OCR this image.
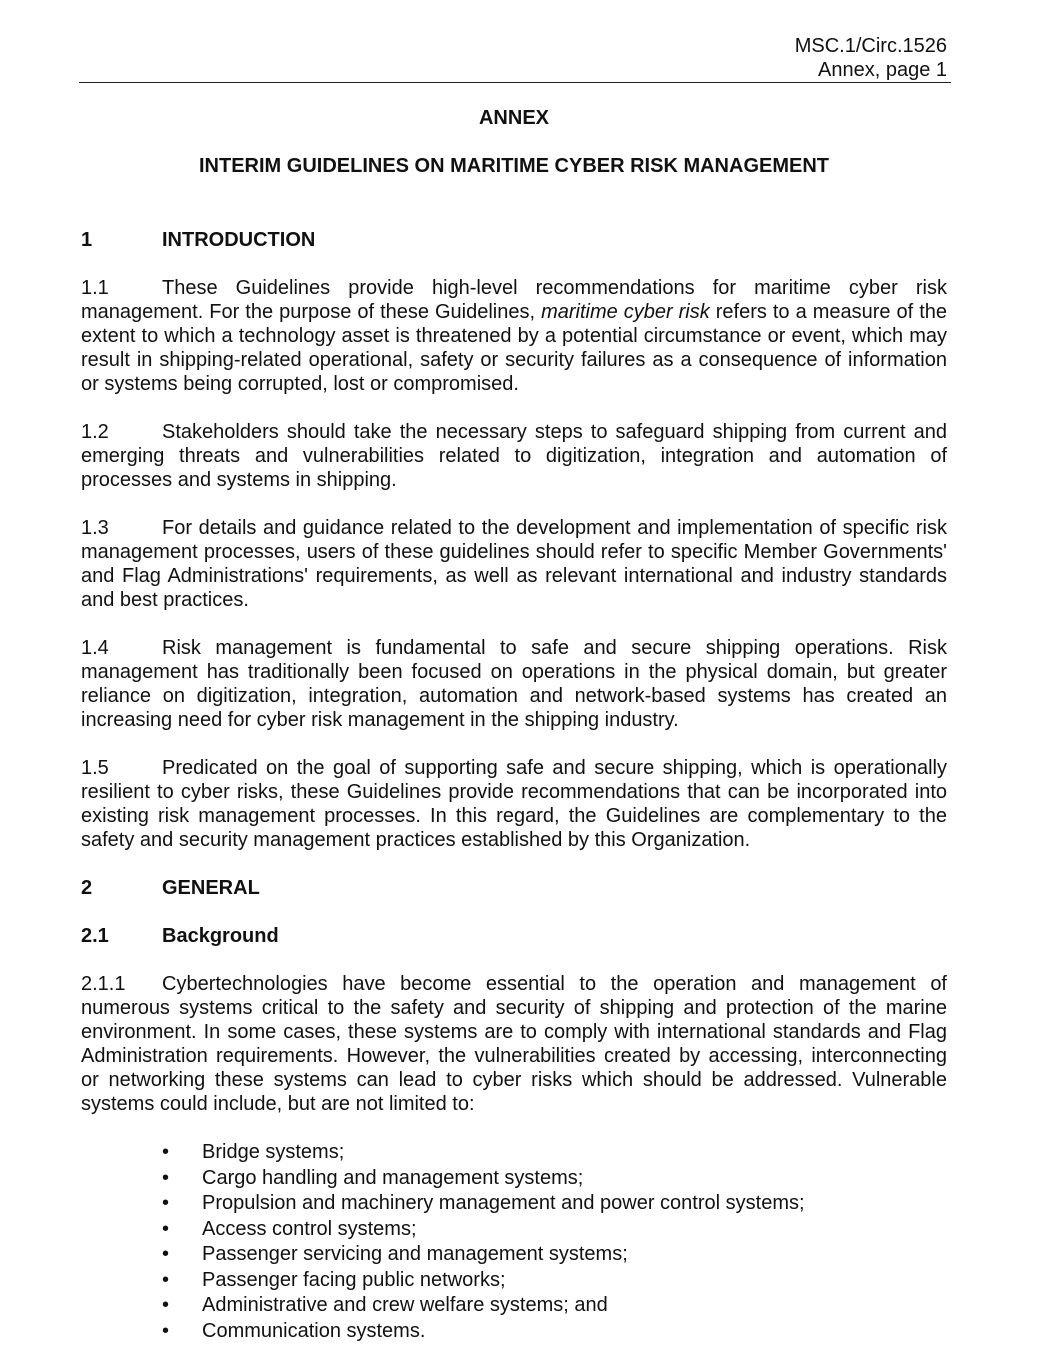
MSC.1/Circ.1526
Annex, page 1

ANNEX

INTERIM GUIDELINES ON MARITIME CYBER RISK MANAGEMENT

1	INTRODUCTION

1.1	These Guidelines provide high-level recommendations for maritime cyber risk management. For the purpose of these Guidelines, maritime cyber risk refers to a measure of the extent to which a technology asset is threatened by a potential circumstance or event, which may result in shipping-related operational, safety or security failures as a consequence of information or systems being corrupted, lost or compromised.

1.2	Stakeholders should take the necessary steps to safeguard shipping from current and emerging threats and vulnerabilities related to digitization, integration and automation of processes and systems in shipping.

1.3	For details and guidance related to the development and implementation of specific risk management processes, users of these guidelines should refer to specific Member Governments' and Flag Administrations' requirements, as well as relevant international and industry standards and best practices.

1.4	Risk management is fundamental to safe and secure shipping operations. Risk management has traditionally been focused on operations in the physical domain, but greater reliance on digitization, integration, automation and network-based systems has created an increasing need for cyber risk management in the shipping industry.

1.5	Predicated on the goal of supporting safe and secure shipping, which is operationally resilient to cyber risks, these Guidelines provide recommendations that can be incorporated into existing risk management processes. In this regard, the Guidelines are complementary to the safety and security management practices established by this Organization.

2	GENERAL
2.1	Background

2.1.1 Cybertechnologies have become essential to the operation and management of numerous systems critical to the safety and security of shipping and protection of the marine environment. In some cases, these systems are to comply with international standards and Flag Administration requirements. However, the vulnerabilities created by accessing, interconnecting or networking these systems can lead to cyber risks which should be addressed. Vulnerable systems could include, but are not limited to:

•	Bridge systems;
•	Cargo handling and management systems;
•	Propulsion and machinery management and power control systems;
•	Access control systems;
•	Passenger servicing and management systems;
•	Passenger facing public networks;
•	Administrative and crew welfare systems; and
•	Communication systems.
